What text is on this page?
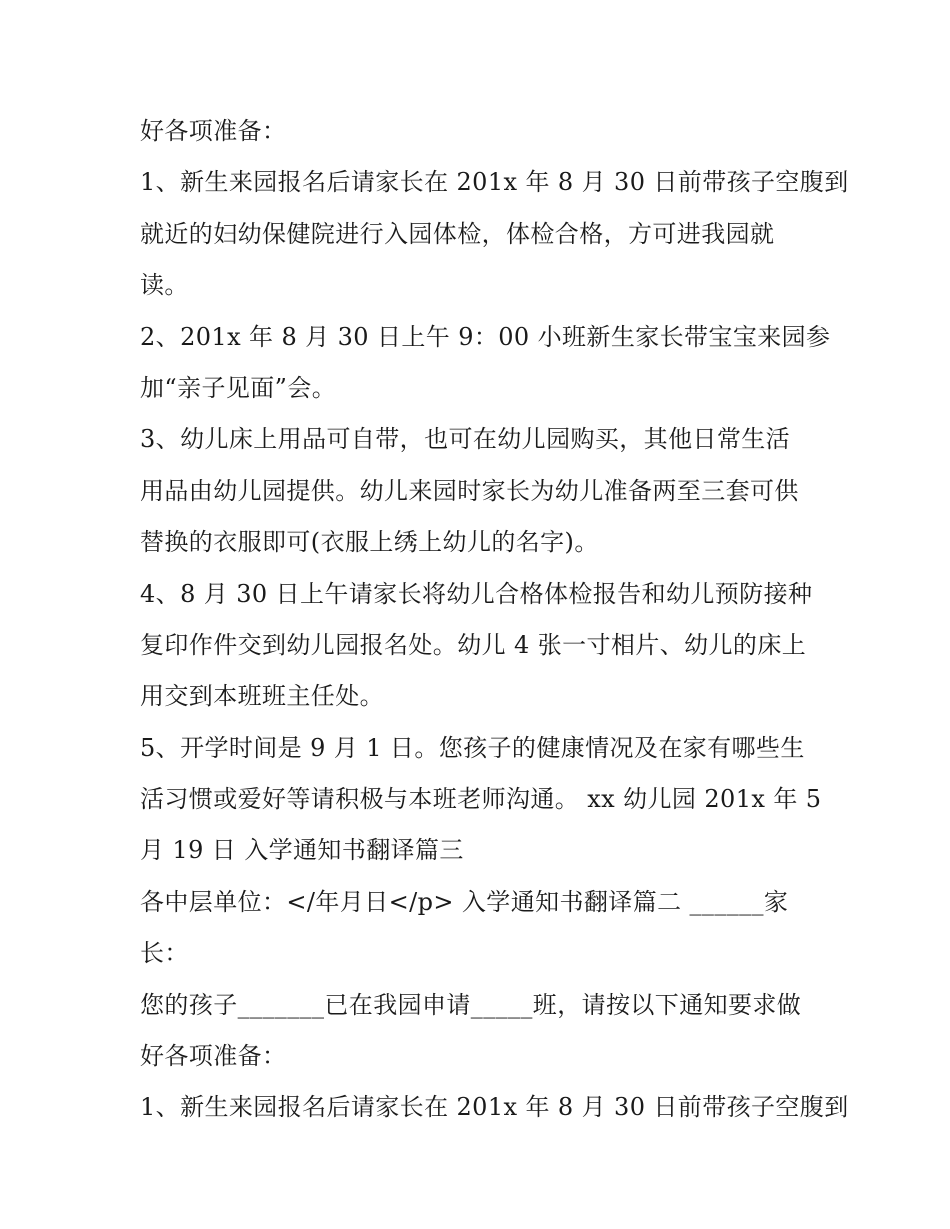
好各项准备：
1、新生来园报名后请家长在 201x 年 8 月 30 日前带孩子空腹到
就近的妇幼保健院进行入园体检，体检合格，方可进我园就
读。
2、201x 年 8 月 30 日上午 9：00 小班新生家长带宝宝来园参
加“亲子见面”会。
3、幼儿床上用品可自带，也可在幼儿园购买，其他日常生活
用品由幼儿园提供。幼儿来园时家长为幼儿准备两至三套可供
替换的衣服即可(衣服上绣上幼儿的名字)。
4、8 月 30 日上午请家长将幼儿合格体检报告和幼儿预防接种
复印作件交到幼儿园报名处。幼儿 4 张一寸相片、幼儿的床上
用交到本班班主任处。
5、开学时间是 9 月 1 日。您孩子的健康情况及在家有哪些生
活习惯或爱好等请积极与本班老师沟通。 xx 幼儿园 201x 年 5
月 19 日 入学通知书翻译篇三
各中层单位：</年月日</p> 入学通知书翻译篇二 ______家
长：
您的孩子_______已在我园申请_____班，请按以下通知要求做
好各项准备：
1、新生来园报名后请家长在 201x 年 8 月 30 日前带孩子空腹到
